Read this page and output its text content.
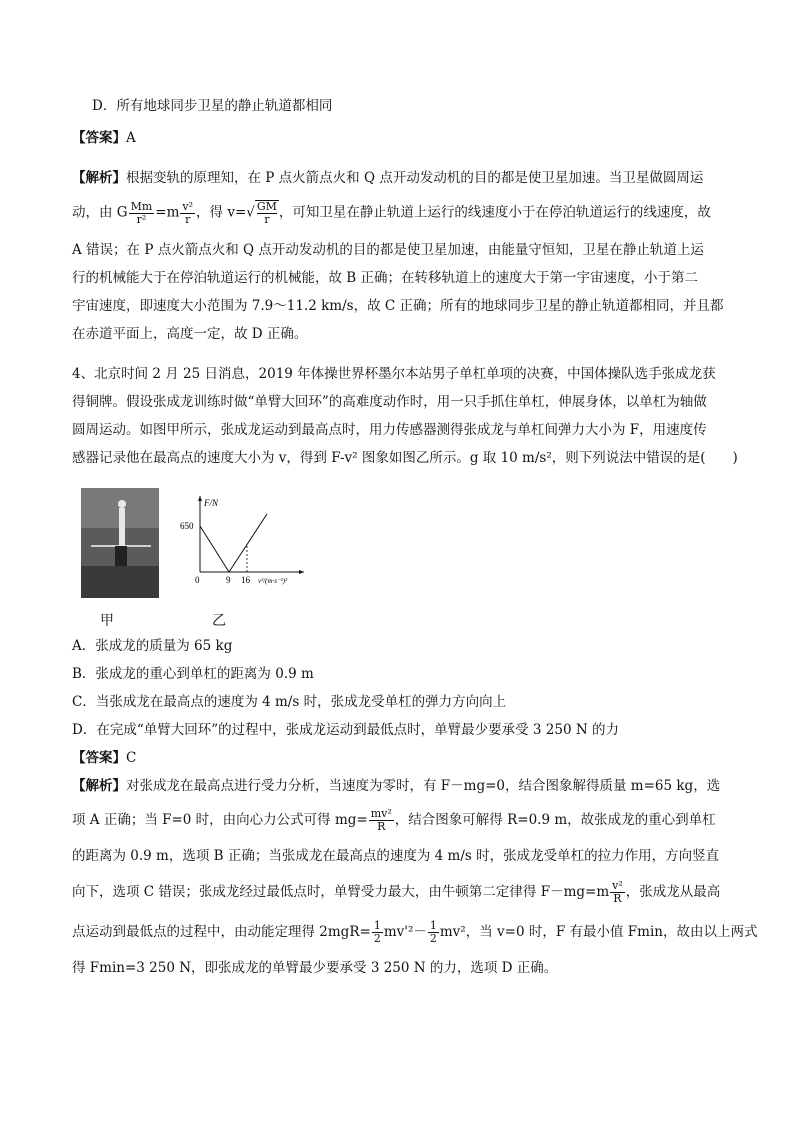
D．所有地球同步卫星的静止轨道都相同
【答案】A
【解析】根据变轨的原理知，在 P 点火箭点火和 Q 点开动发动机的目的都是使卫星加速。当卫星做圆周运
动，由 G $\frac{Mm}{\text{r²}} =m \frac{\text{v²}}{r}$ ，得 $v=√ \frac{GM}{r}$，可知卫星在静止轨道上运行的线速度小于在停泊轨道运行的线速度，故
A 错误；在 P 点火箭点火和 Q 点开动发动机的目的都是使卫星加速，由能量守恒知，卫星在静止轨道上运
行的机械能大于在停泊轨道运行的机械能，故 B 正确；在转移轨道上的速度大于第一宇宙速度，小于第二
宇宙速度，即速度大小范围为 7.9～11.2 km/s，故 C 正确；所有的地球同步卫星的静止轨道都相同，并且都
在赤道平面上，高度一定，故 D 正确。
4、北京时间 2 月 25 日消息，2019 年体操世界杯墨尔本站男子单杠单项的决赛，中国体操队选手张成龙获
得铜牌。假设张成龙训练时做“单臂大回环”的高难度动作时，用一只手抓住单杠，伸展身体，以单杠为轴做
圆周运动。如图甲所示，张成龙运动到最高点时，用力传感器测得张成龙与单杠间弹力大小为 F，用速度传
感器记录他在最高点的速度大小为 v，得到 F-v² 图象如图乙所示。g 取 10 m/s²，则下列说法中错误的是(　　)
F/N
650
0	9 16 v²/(m·s⁻¹)²
甲	乙
A．张成龙的质量为 65 kg
B．张成龙的重心到单杠的距离为 0.9 m
C．当张成龙在最高点的速度为 4 m/s 时，张成龙受单杠的弹力方向向上
D．在完成“单臂大回环”的过程中，张成龙运动到最低点时，单臂最少要承受 3 250 N 的力
【答案】C
【解析】对张成龙在最高点进行受力分析，当速度为零时，有 F－mg=0，结合图象解得质量 m=65 kg，选
项 A 正确；当 F=0 时，由向心力公式可得 $mg= \frac{\text{mv²}}{R}$ ，结合图象可解得 R=0.9 m，故张成龙的重心到单杠
的距离为 0.9 m，选项 B 正确；当张成龙在最高点的速度为 4 m/s 时，张成龙受单杠的拉力作用，方向竖直
向下，选项 C 错误；张成龙经过最低点时，单臂受力最大，由牛顿第二定律得 $F-mg=m \frac{\text{v²}}{R}$ ，张成龙从最高
点运动到最低点的过程中，由动能定理得 $2mgR= \frac{1}{2} mv'^2- \frac{1}{2} mv^2$，当 v=0 时，F 有最小值 Fmin，故由以上两式
得 Fmin=3 250 N，即张成龙的单臂最少要承受 3 250 N 的力，选项 D 正确。
